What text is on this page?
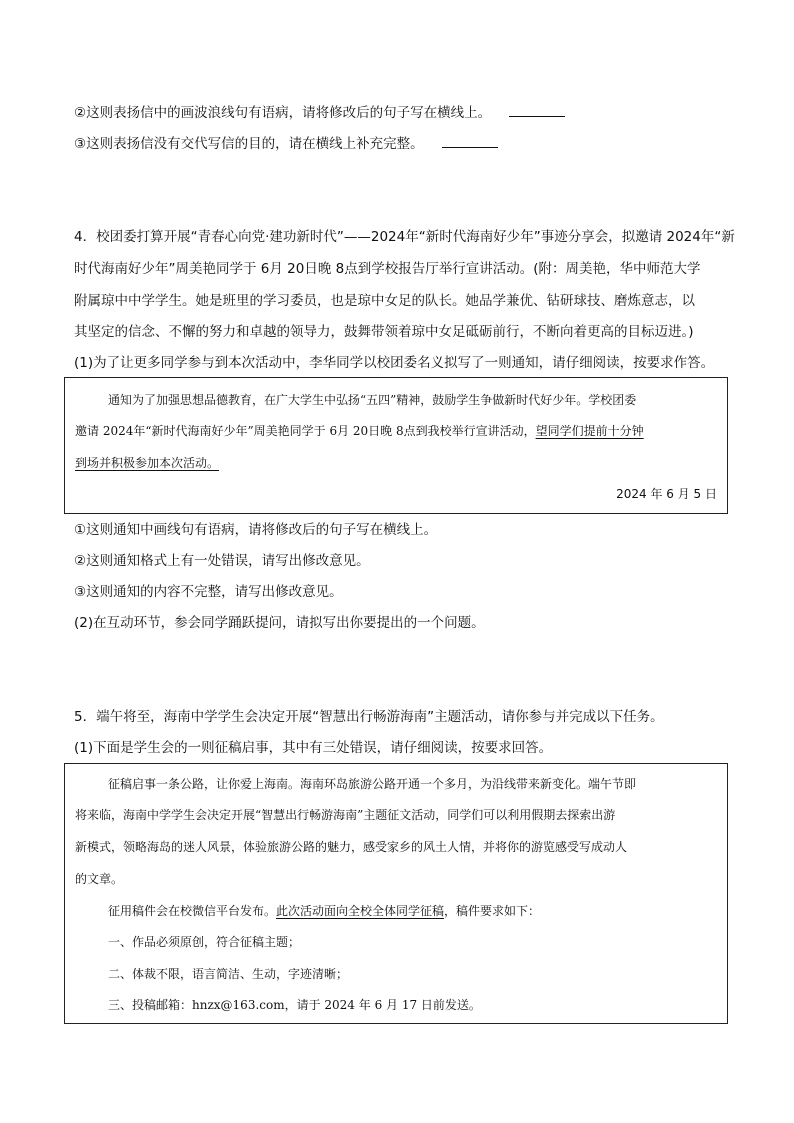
②这则表扬信中的画波浪线句有语病，请将修改后的句子写在横线上。
③这则表扬信没有交代写信的目的，请在横线上补充完整。
4．校团委打算开展“青春心向党·建功新时代”——2024年“新时代海南好少年”事迹分享会，拟邀请 2024年“新
时代海南好少年”周美艳同学于 6月 20日晚 8点到学校报告厅举行宣讲活动。(附：周美艳，华中师范大学
附属琼中中学学生。她是班里的学习委员，也是琼中女足的队长。她品学兼优、钻研球技、磨炼意志，以
其坚定的信念、不懈的努力和卓越的领导力，鼓舞带领着琼中女足砥砺前行，不断向着更高的目标迈进。)
(1)为了让更多同学参与到本次活动中，李华同学以校团委名义拟写了一则通知，请仔细阅读，按要求作答。
通知为了加强思想品德教育，在广大学生中弘扬“五四”精神，鼓励学生争做新时代好少年。学校团委
邀请 2024年“新时代海南好少年”周美艳同学于 6月 20日晚 8点到我校举行宣讲活动，望同学们提前十分钟
到场并积极参加本次活动。
2024 年 6 月 5 日
①这则通知中画线句有语病，请将修改后的句子写在横线上。
②这则通知格式上有一处错误，请写出修改意见。
③这则通知的内容不完整，请写出修改意见。
(2)在互动环节，参会同学踊跃提问，请拟写出你要提出的一个问题。
5．端午将至，海南中学学生会决定开展“智慧出行畅游海南”主题活动，请你参与并完成以下任务。
(1)下面是学生会的一则征稿启事，其中有三处错误，请仔细阅读，按要求回答。
征稿启事一条公路，让你爱上海南。海南环岛旅游公路开通一个多月，为沿线带来新变化。端午节即
将来临，海南中学学生会决定开展“智慧出行畅游海南”主题征文活动，同学们可以利用假期去探索出游
新模式，领略海岛的迷人风景，体验旅游公路的魅力，感受家乡的风土人情，并将你的游览感受写成动人
的文章。
征用稿件会在校微信平台发布。此次活动面向全校全体同学征稿，稿件要求如下：
一、作品必须原创，符合征稿主题；
二、体裁不限，语言简洁、生动，字迹清晰；
三、投稿邮箱：hnzx@163.com，请于 2024 年 6 月 17 日前发送。
